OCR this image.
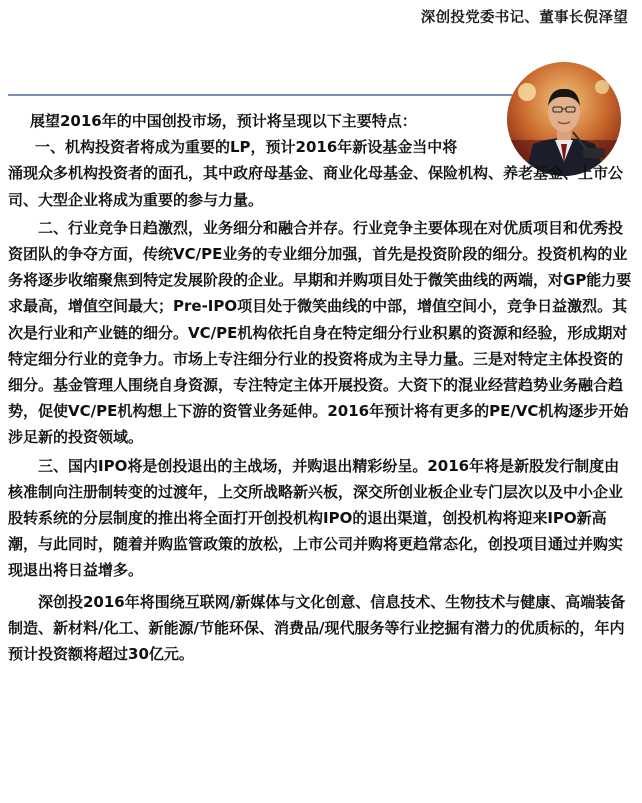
深创投党委书记、董事长倪泽望

展望2016年的中国创投市场，预计将呈现以下主要特点：

一、机构投资者将成为重要的LP，预计2016年新设基金当中将

涌现众多机构投资者的面孔，其中政府母基金、商业化母基金、保险机构、养老基金、上市公司、大型企业将成为重要的参与力量。

二、行业竞争日趋激烈，业务细分和融合并存。行业竞争主要体现在对优质项目和优秀投资团队的争夺方面，传统VC/PE业务的专业细分加强，首先是投资阶段的细分。投资机构的业务将逐步收缩聚焦到特定发展阶段的企业。早期和并购项目处于微笑曲线的两端，对GP能力要求最高，增值空间最大；Pre-IPO项目处于微笑曲线的中部，增值空间小，竞争日益激烈。其次是行业和产业链的细分。VC/PE机构依托自身在特定细分行业积累的资源和经验，形成期对特定细分行业的竞争力。市场上专注细分行业的投资将成为主导力量。三是对特定主体投资的细分。基金管理人围绕自身资源，专注特定主体开展投资。大资下的混业经营趋势业务融合趋势，促使VC/PE机构想上下游的资管业务延伸。2016年预计将有更多的PE/VC机构逐步开始涉足新的投资领域。

三、国内IPO将是创投退出的主战场，并购退出精彩纷呈。2016年将是新股发行制度由核准制向注册制转变的过渡年，上交所战略新兴板，深交所创业板企业专门层次以及中小企业股转系统的分层制度的推出将全面打开创投机构IPO的退出渠道，创投机构将迎来IPO新高潮，与此同时，随着并购监管政策的放松，上市公司并购将更趋常态化，创投项目通过并购实现退出将日益增多。

深创投2016年将围绕互联网/新媒体与文化创意、信息技术、生物技术与健康、高端装备制造、新材料/化工、新能源/节能环保、消费品/现代服务等行业挖掘有潜力的优质标的，年内预计投资额将超过30亿元。
